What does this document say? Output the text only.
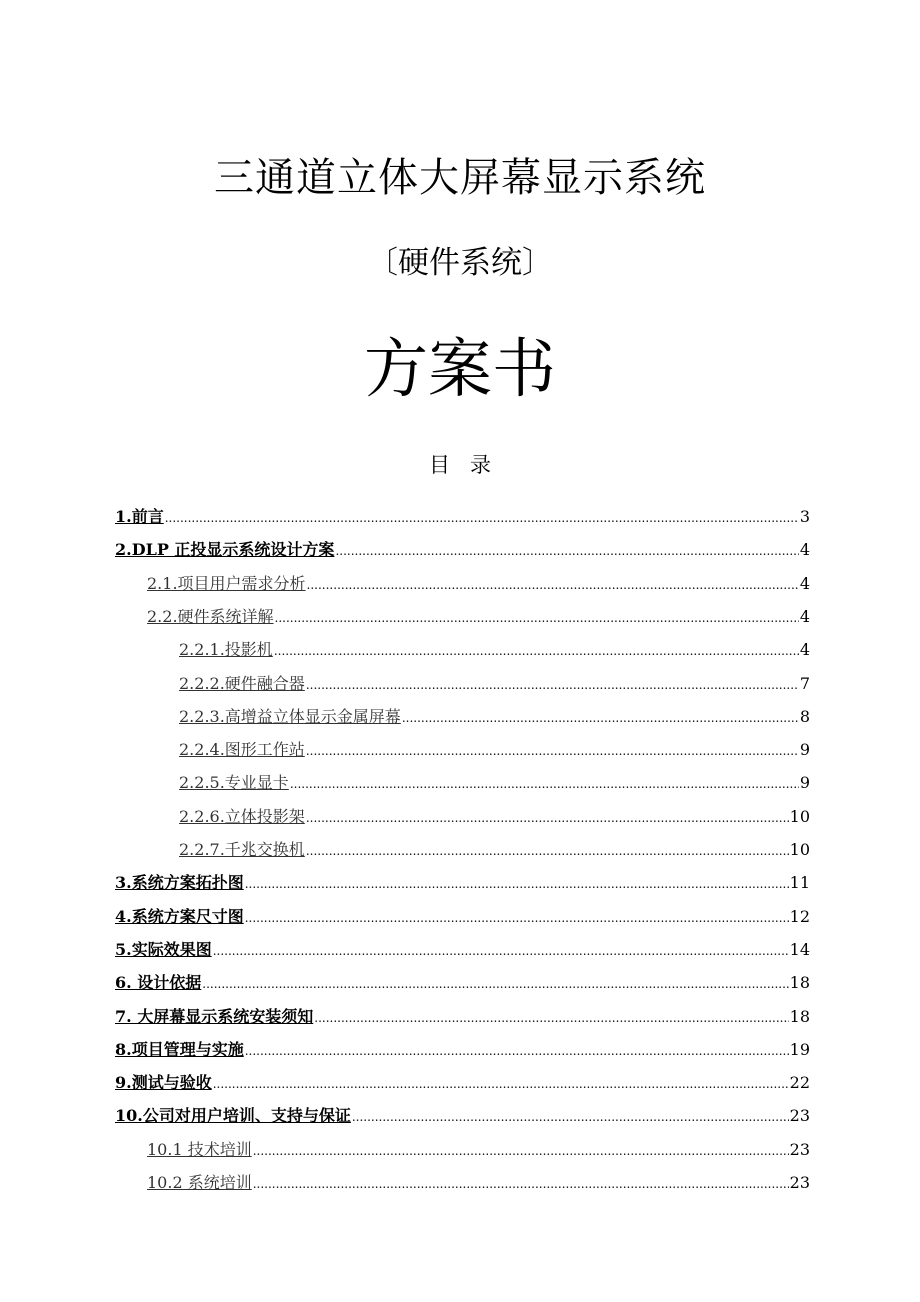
三通道立体大屏幕显示系统
〔硬件系统〕
方案书
目录
1.前言 .....	3
2.DLP 正投显示系统设计方案 .....	4
2.1.项目用户需求分析 .....	4
2.2.硬件系统详解 .....	4
2.2.1.投影机 .....	4
2.2.2.硬件融合器 .....	7
2.2.3.高增益立体显示金属屏幕 .....	8
2.2.4.图形工作站 .....	9
2.2.5.专业显卡 .....	9
2.2.6.立体投影架 .....	10
2.2.7.千兆交换机 .....	10
3.系统方案拓扑图 .....	11
4.系统方案尺寸图 .....	12
5.实际效果图 .....	14
6. 设计依据 .....	18
7. 大屏幕显示系统安装须知 .....	18
8.项目管理与实施 .....	19
9.测试与验收 .....	22
10.公司对用户培训、支持与保证 .....	23
10.1 技术培训 .....	23
10.2 系统培训 .....	23
